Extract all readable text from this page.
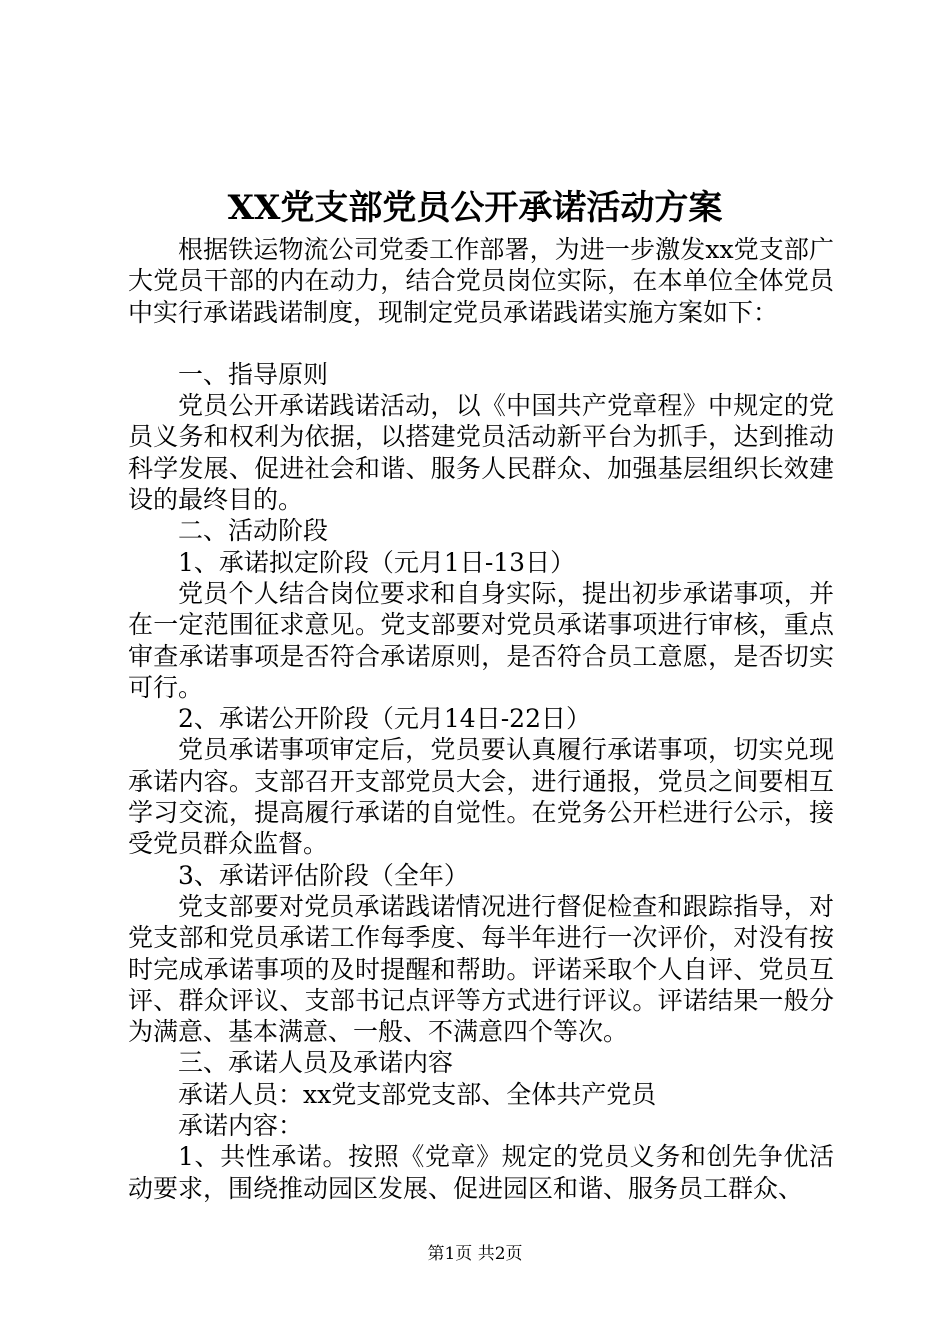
XX党支部党员公开承诺活动方案

根据铁运物流公司党委工作部署，为进一步激发xx党支部广大党员干部的内在动力，结合党员岗位实际，在本单位全体党员中实行承诺践诺制度，现制定党员承诺践诺实施方案如下：

一、指导原则

党员公开承诺践诺活动，以《中国共产党章程》中规定的党员义务和权利为依据，以搭建党员活动新平台为抓手，达到推动科学发展、促进社会和谐、服务人民群众、加强基层组织长效建设的最终目的。

二、活动阶段

1、承诺拟定阶段（元月1日-13日）

党员个人结合岗位要求和自身实际，提出初步承诺事项，并在一定范围征求意见。党支部要对党员承诺事项进行审核，重点审查承诺事项是否符合承诺原则，是否符合员工意愿，是否切实可行。

2、承诺公开阶段（元月14日-22日）

党员承诺事项审定后，党员要认真履行承诺事项，切实兑现承诺内容。支部召开支部党员大会，进行通报，党员之间要相互学习交流，提高履行承诺的自觉性。在党务公开栏进行公示，接受党员群众监督。

3、承诺评估阶段（全年）

党支部要对党员承诺践诺情况进行督促检查和跟踪指导，对党支部和党员承诺工作每季度、每半年进行一次评价，对没有按时完成承诺事项的及时提醒和帮助。评诺采取个人自评、党员互评、群众评议、支部书记点评等方式进行评议。评诺结果一般分为满意、基本满意、一般、不满意四个等次。

三、承诺人员及承诺内容

承诺人员：xx党支部党支部、全体共产党员

承诺内容：

1、共性承诺。按照《党章》规定的党员义务和创先争优活动要求，围绕推动园区发展、促进园区和谐、服务员工群众、

第1页 共2页
